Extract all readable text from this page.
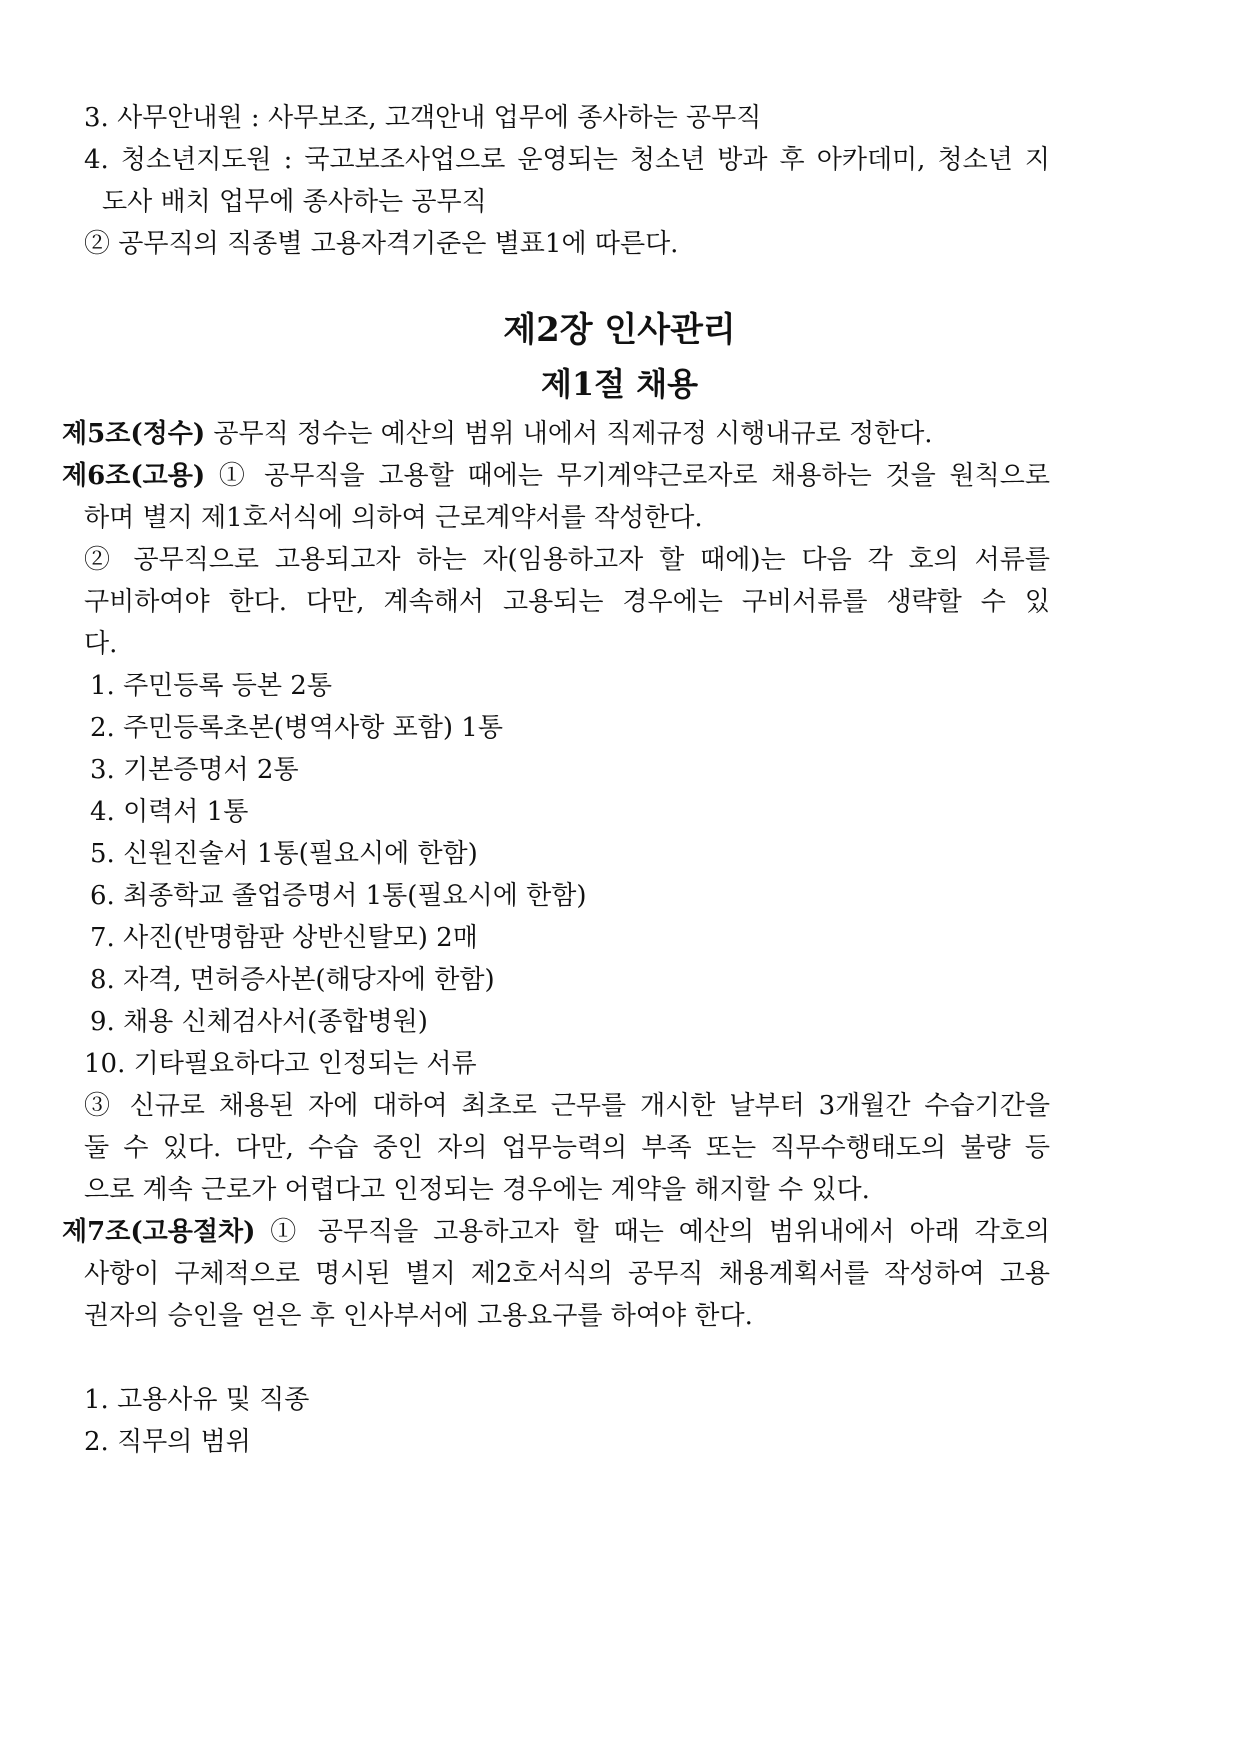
3. 사무안내원 : 사무보조, 고객안내 업무에 종사하는 공무직

4. 청소년지도원 : 국고보조사업으로 운영되는 청소년 방과 후 아카데미, 청소년 지

도사 배치 업무에 종사하는 공무직

② 공무직의 직종별 고용자격기준은 별표1에 따른다.

제2장 인사관리
제1절 채용

제5조(정수) 공무직 정수는 예산의 범위 내에서 직제규정 시행내규로 정한다.

제6조(고용) ① 공무직을 고용할 때에는 무기계약근로자로 채용하는 것을 원칙으로

하며 별지 제1호서식에 의하여 근로계약서를 작성한다.

② 공무직으로 고용되고자 하는 자(임용하고자 할 때에)는 다음 각 호의 서류를

구비하여야 한다. 다만, 계속해서 고용되는 경우에는 구비서류를 생략할 수 있

다.

1. 주민등록 등본 2통

2. 주민등록초본(병역사항 포함) 1통

3. 기본증명서 2통

4. 이력서 1통

5. 신원진술서 1통(필요시에 한함)

6. 최종학교 졸업증명서 1통(필요시에 한함)

7. 사진(반명함판 상반신탈모) 2매

8. 자격, 면허증사본(해당자에 한함)

9. 채용 신체검사서(종합병원)

10. 기타필요하다고 인정되는 서류

③ 신규로 채용된 자에 대하여 최초로 근무를 개시한 날부터 3개월간 수습기간을

둘 수 있다. 다만, 수습 중인 자의 업무능력의 부족 또는 직무수행태도의 불량 등

으로 계속 근로가 어렵다고 인정되는 경우에는 계약을 해지할 수 있다.

제7조(고용절차) ① 공무직을 고용하고자 할 때는 예산의 범위내에서 아래 각호의

사항이 구체적으로 명시된 별지 제2호서식의 공무직 채용계획서를 작성하여 고용

권자의 승인을 얻은 후 인사부서에 고용요구를 하여야 한다.

1. 고용사유 및 직종

2. 직무의 범위
